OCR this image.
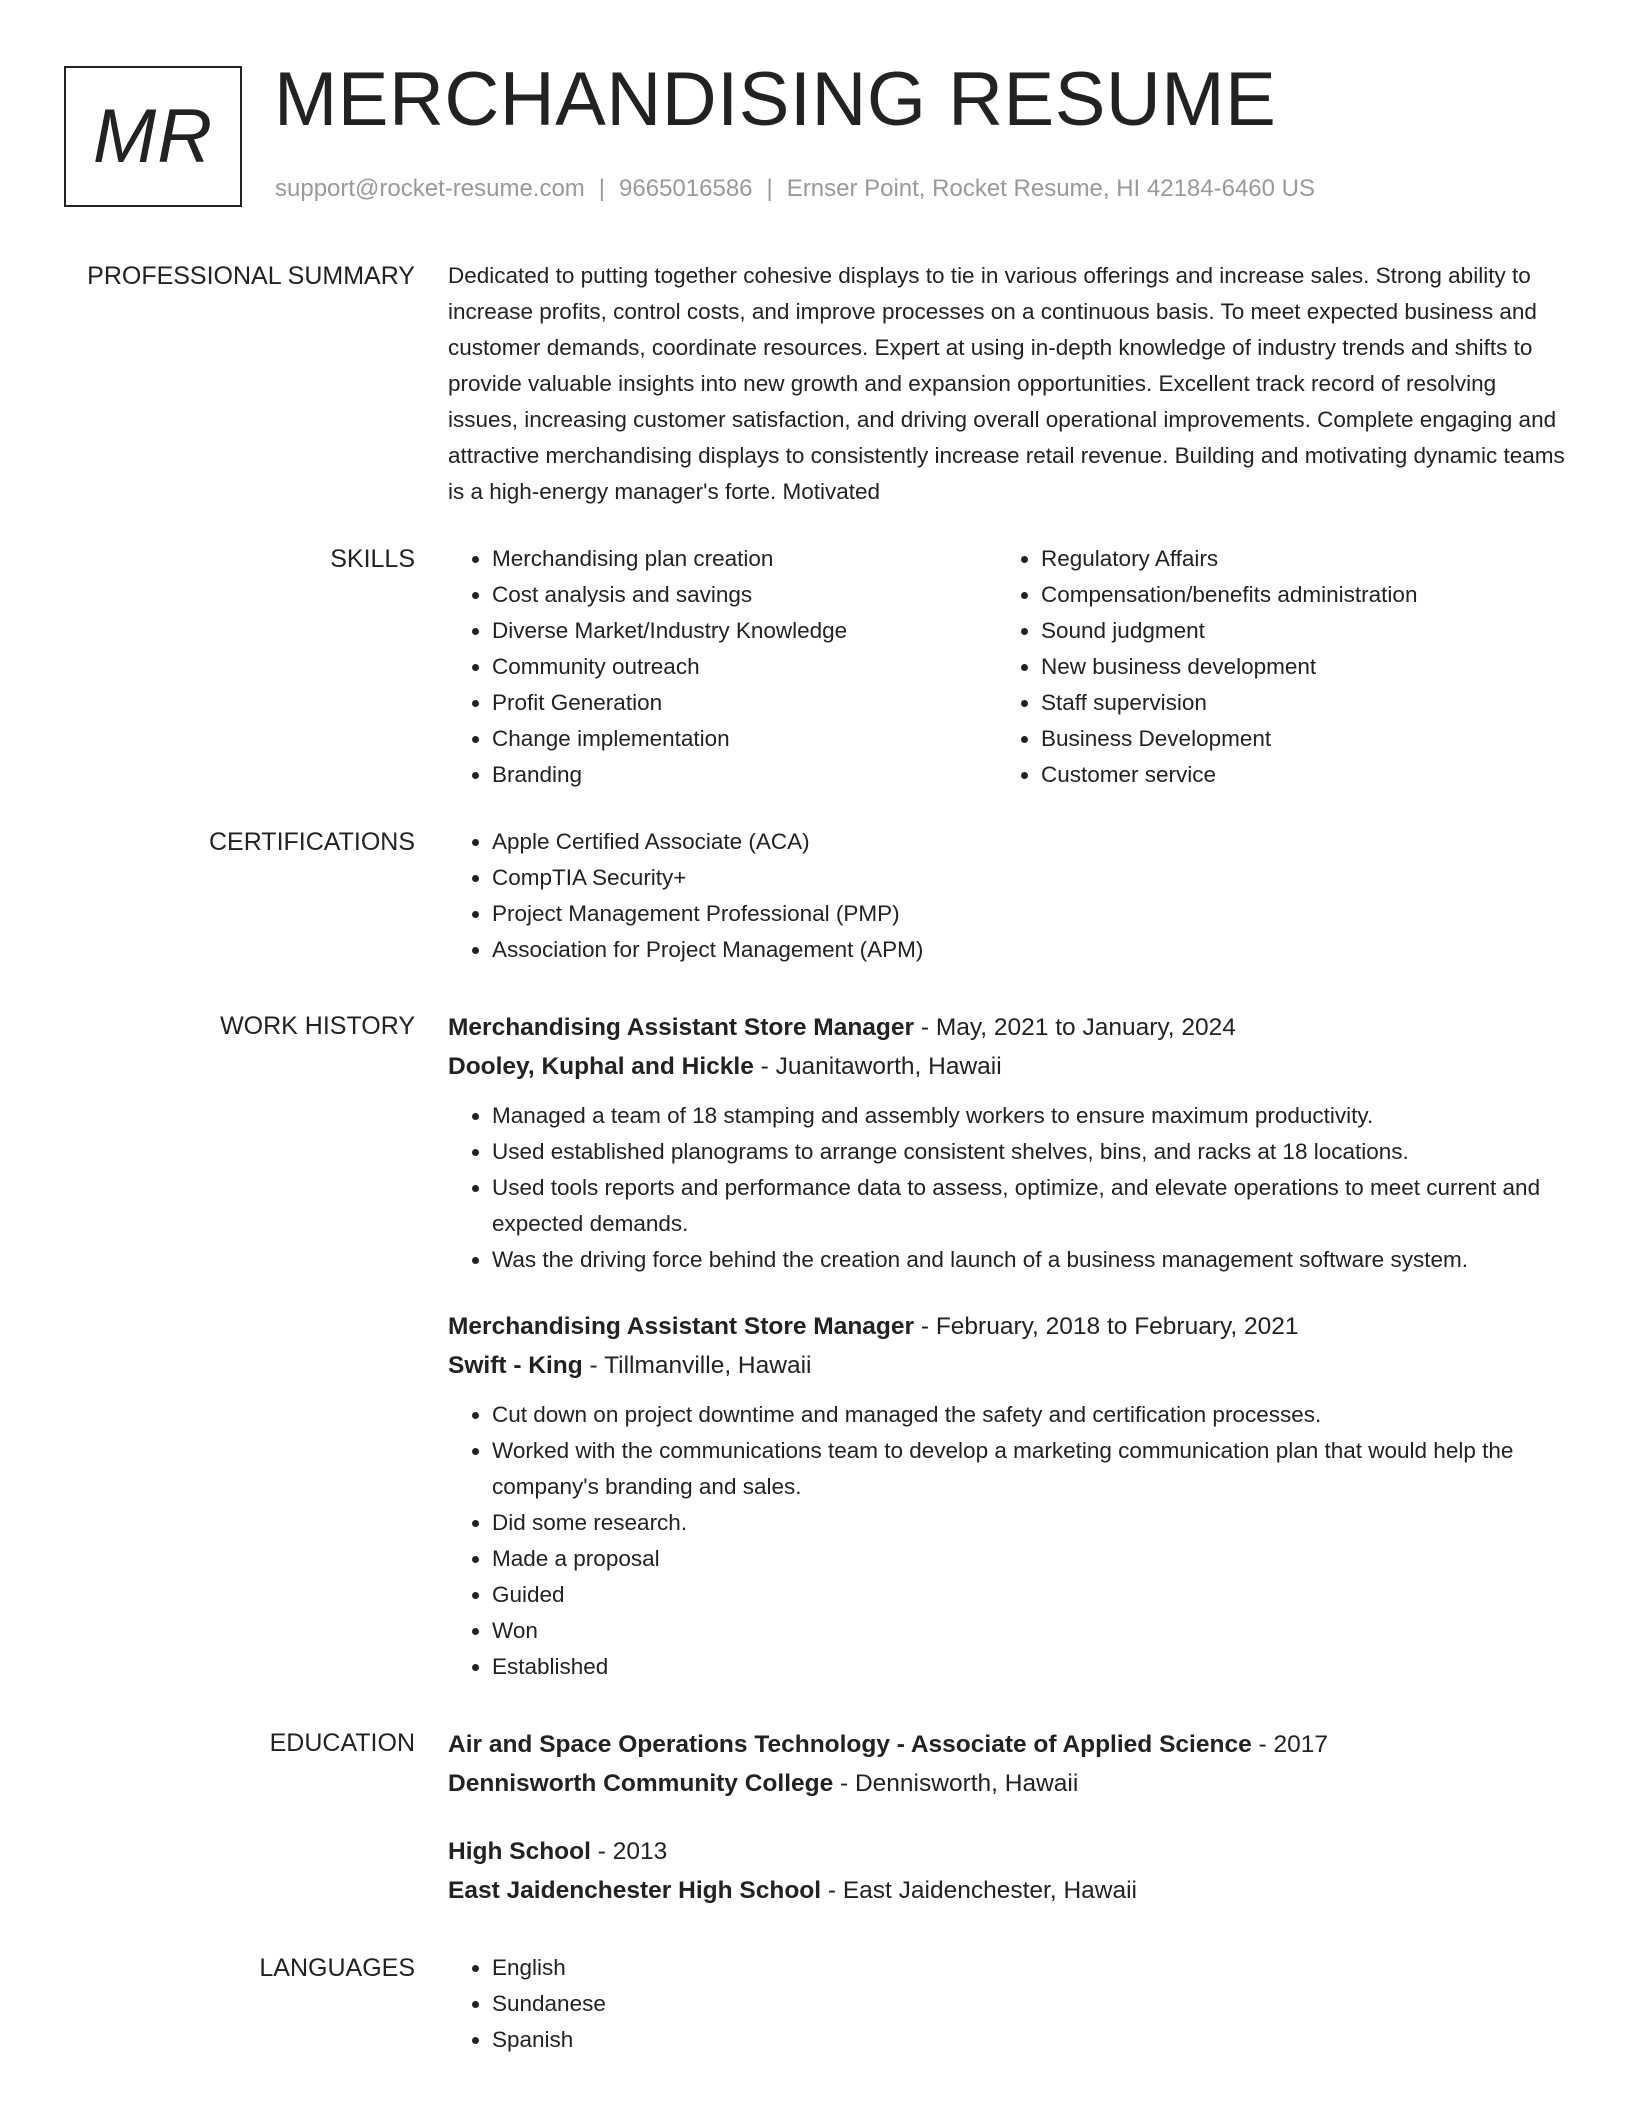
MR MERCHANDISING RESUME
support@rocket-resume.com | 9665016586 | Ernser Point, Rocket Resume, HI 42184-6460 US
PROFESSIONAL SUMMARY Dedicated to putting together cohesive displays to tie in various offerings and increase sales. Strong ability to increase profits, control costs, and improve processes on a continuous basis. To meet expected business and customer demands, coordinate resources. Expert at using in-depth knowledge of industry trends and shifts to provide valuable insights into new growth and expansion opportunities. Excellent track record of resolving issues, increasing customer satisfaction, and driving overall operational improvements. Complete engaging and attractive merchandising displays to consistently increase retail revenue. Building and motivating dynamic teams is a high-energy manager's forte. Motivated

SKILLS	• Merchandising plan creation
• Cost analysis and savings
• Diverse Market/Industry Knowledge
• Community outreach
• Profit Generation
• Change implementation
• Branding
• Regulatory Affairs
• Compensation/benefits administration
• Sound judgment
• New business development
• Staff supervision
• Business Development
• Customer service
CERTIFICATIONS	• Apple Certified Associate (ACA)
• CompTIA Security+
• Project Management Professional (PMP)
• Association for Project Management (APM)
WORK HISTORY Merchandising Assistant Store Manager - May, 2021 to January, 2024
Dooley, Kuphal and Hickle - Juanitaworth, Hawaii
• Managed a team of 18 stamping and assembly workers to ensure maximum productivity.
• Used established planograms to arrange consistent shelves, bins, and racks at 18 locations.
• Used tools reports and performance data to assess, optimize, and elevate operations to meet current and expected demands.
• Was the driving force behind the creation and launch of a business management software system.
Merchandising Assistant Store Manager - February, 2018 to February, 2021
Swift - King - Tillmanville, Hawaii
• Cut down on project downtime and managed the safety and certification processes.
• Worked with the communications team to develop a marketing communication plan that would help the company's branding and sales.
• Did some research.
• Made a proposal
• Guided
• Won
• Established
EDUCATION Air and Space Operations Technology - Associate of Applied Science - 2017
Dennisworth Community College - Dennisworth, Hawaii
High School - 2013
East Jaidenchester High School - East Jaidenchester, Hawaii
LANGUAGES	• English
• Sundanese
• Spanish
